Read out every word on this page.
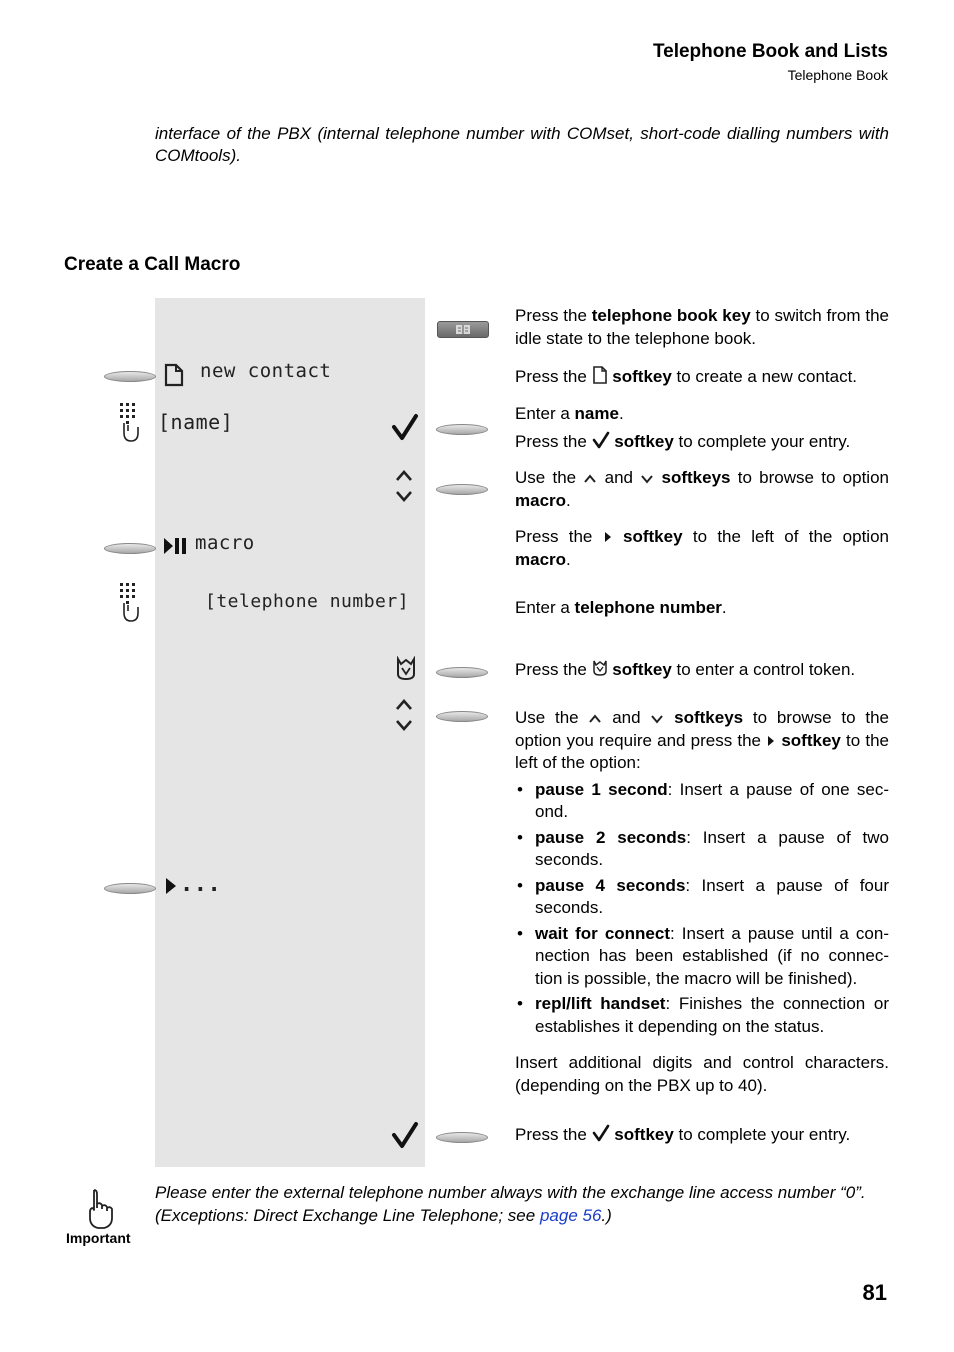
Telephone Book and Lists
Telephone Book
interface of the PBX (internal telephone number with COMset, short-code dialling numbers with COMtools).
Create a Call Macro
new contact
[name]
macro
[telephone number]
...
Press the telephone book key to switch from the idle state to the telephone book.
Press the  softkey to create a new contact.
Enter a name.
Press the  softkey to complete your entry.
Use the  and  softkeys to browse to option macro.
Press the  softkey to the left of the option macro.
Enter a telephone number.
Press the  softkey to enter a control token.

Use the  and  softkeys to browse to the option you require and press the  softkey to the left of the option:

• pause 1 second: Insert a pause of one sec-ond.
• pause 2 seconds: Insert a pause of two seconds.
• pause 4 seconds: Insert a pause of four seconds.
• wait for connect: Insert a pause until a con-nection has been established (if no connec-tion is possible, the macro will be finished).
• repl/lift handset: Finishes the connection or establishes it depending on the status.
Insert additional digits and control characters. (depending on the PBX up to 40).
Press the  softkey to complete your entry.
Important
Please enter the external telephone number always with the exchange line access number “0”. (Exceptions: Direct Exchange Line Telephone; see page 56.)
81
